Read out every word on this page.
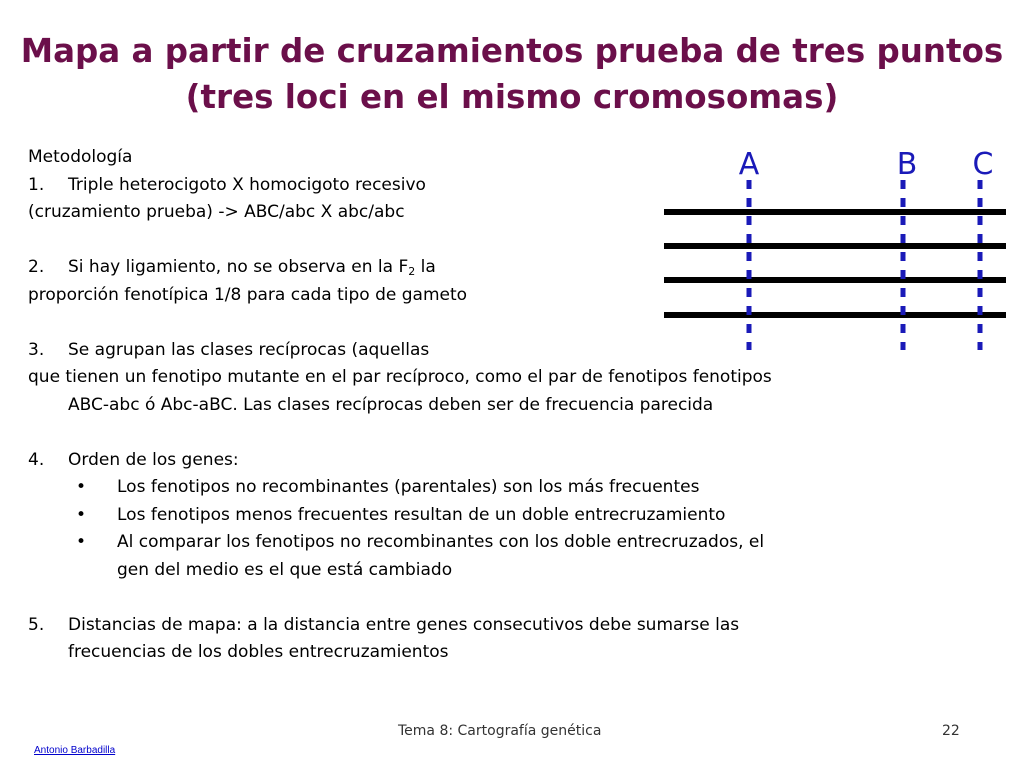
Mapa a partir de cruzamientos prueba de tres puntos (tres loci en el mismo cromosomas)
Metodología
1. Triple heterocigoto X homocigoto recesivo
(cruzamiento prueba) -> ABC/abc X abc/abc
2. Si hay ligamiento, no se observa en la $F_2$ la
proporción fenotípica 1/8 para cada tipo de gameto
3. Se agrupan las clases recíprocas (aquellas
que tienen un fenotipo mutante en el par recíproco, como el par de fenotipos fenotipos
ABC-abc ó Abc-aBC. Las clases recíprocas deben ser de frecuencia parecida
4. Orden de los genes:
• Los fenotipos no recombinantes (parentales) son los más frecuentes
• Los fenotipos menos frecuentes resultan de un doble entrecruzamiento
• Al comparar los fenotipos no recombinantes con los doble entrecruzados, el
gen del medio es el que está cambiado
5. Distancias de mapa: a la distancia entre genes consecutivos debe sumarse las
frecuencias de los dobles entrecruzamientos
A	B C
Tema 8: Cartografía genética	22
Antonio Barbadilla
